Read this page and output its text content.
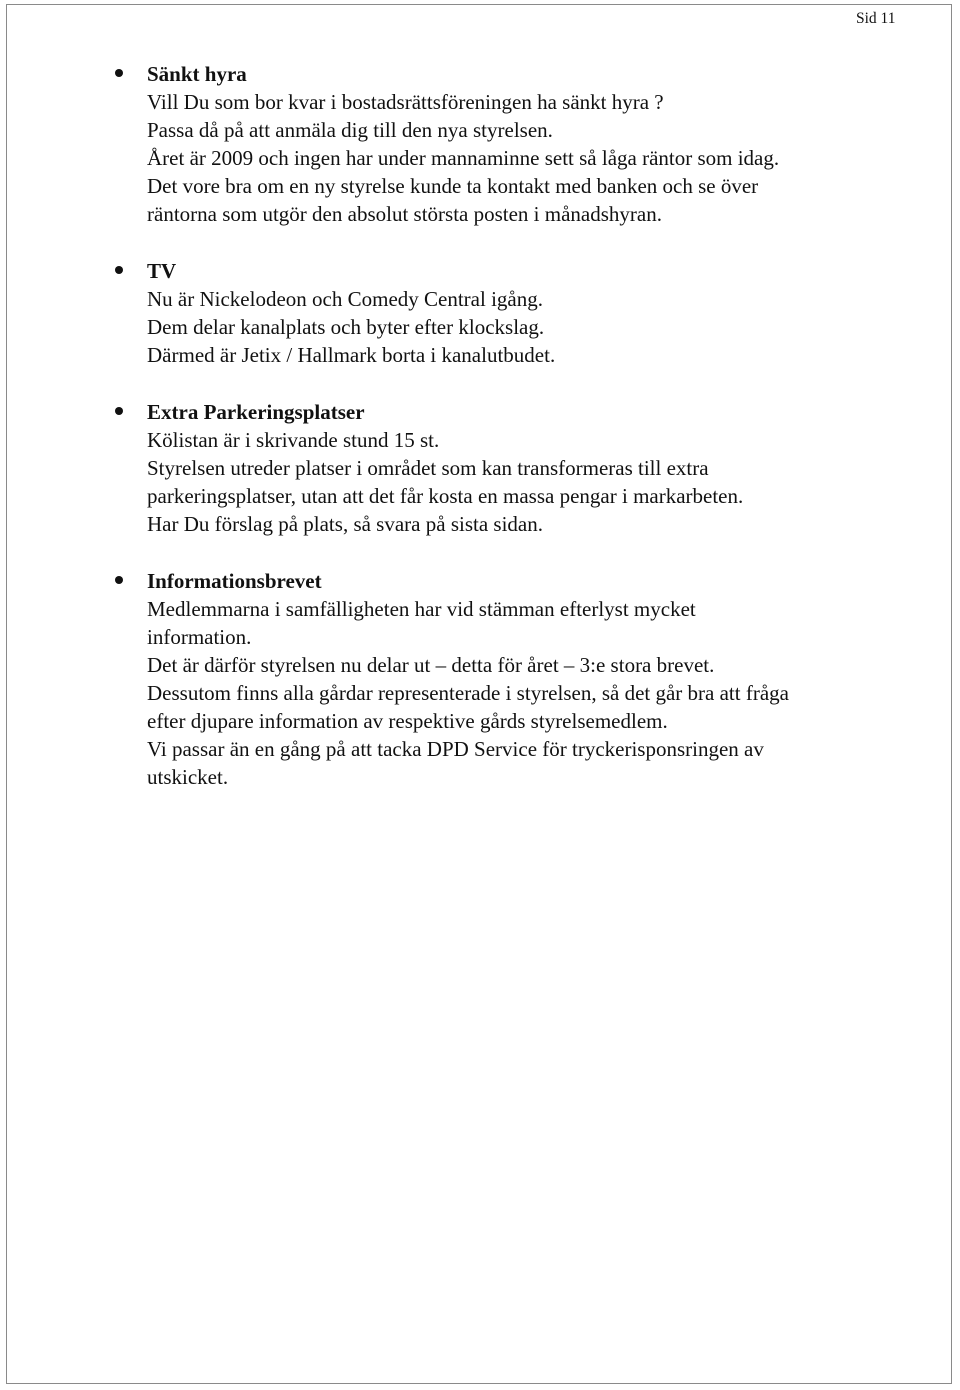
Sid 11
Sänkt hyra
Vill Du som bor kvar i bostadsrättsföreningen ha sänkt hyra ?
Passa då på att anmäla dig till den nya styrelsen.
Året är 2009 och ingen har under mannaminne sett så låga räntor som idag.
Det vore bra om en ny styrelse kunde ta kontakt med banken och se över
räntorna som utgör den absolut största posten i månadshyran.
TV
Nu är Nickelodeon och Comedy Central igång.
Dem delar kanalplats och byter efter klockslag.
Därmed är Jetix / Hallmark borta i kanalutbudet.
Extra Parkeringsplatser
Kölistan är i skrivande stund 15 st.
Styrelsen utreder platser i området som kan transformeras till extra
parkeringsplatser, utan att det får kosta en massa pengar i markarbeten.
Har Du förslag på plats, så svara på sista sidan.
Informationsbrevet
Medlemmarna i samfälligheten har vid stämman efterlyst mycket
information.
Det är därför styrelsen nu delar ut – detta för året – 3:e stora brevet.
Dessutom finns alla gårdar representerade i styrelsen, så det går bra att fråga
efter djupare information av respektive gårds styrelsemedlem.
Vi passar än en gång på att tacka DPD Service för tryckerisponsringen av
utskicket.
